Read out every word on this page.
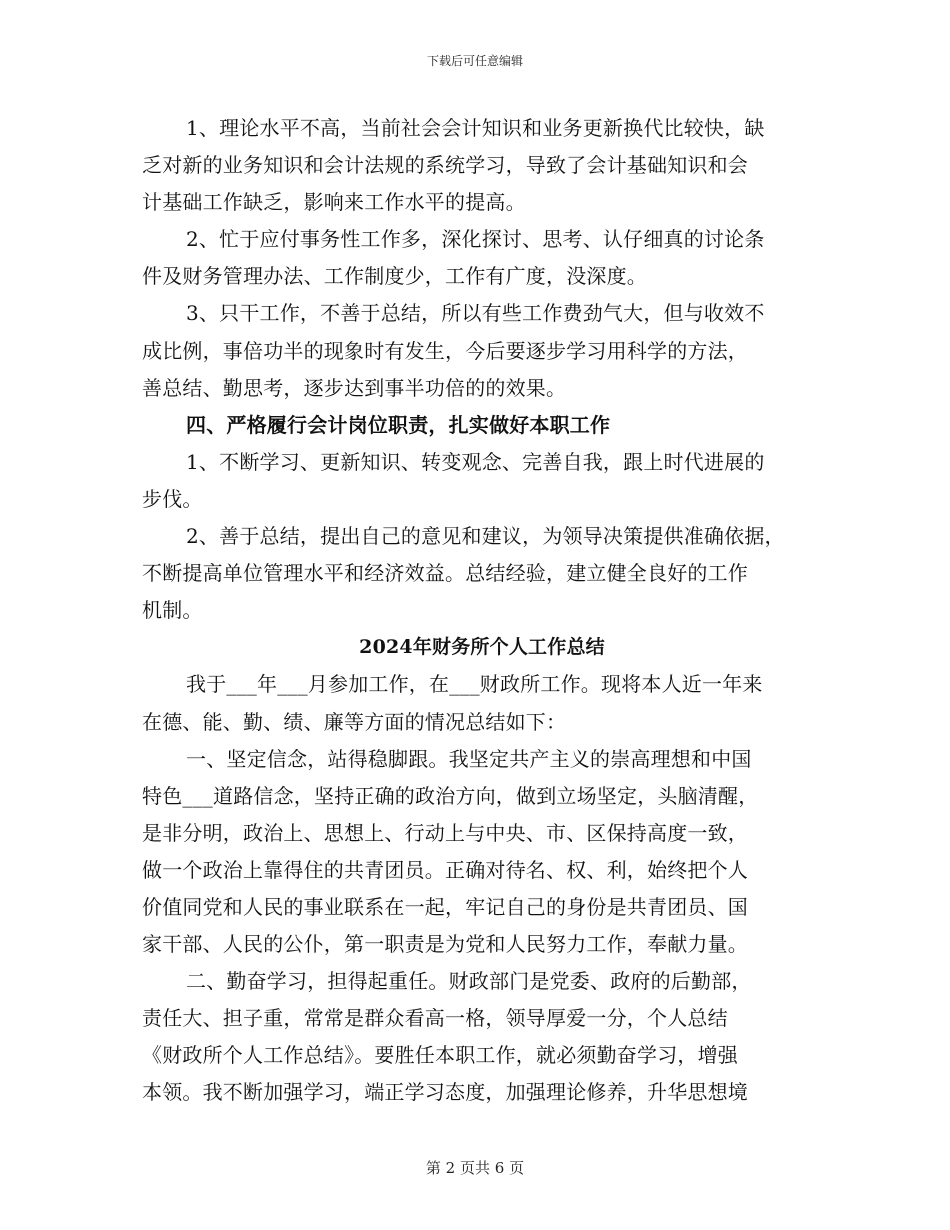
下载后可任意编辑
1、理论水平不高，当前社会会计知识和业务更新换代比较快，缺
乏对新的业务知识和会计法规的系统学习，导致了会计基础知识和会
计基础工作缺乏，影响来工作水平的提高。
2、忙于应付事务性工作多，深化探讨、思考、认仔细真的讨论条
件及财务管理办法、工作制度少，工作有广度，没深度。
3、只干工作，不善于总结，所以有些工作费劲气大，但与收效不
成比例，事倍功半的现象时有发生，今后要逐步学习用科学的方法，
善总结、勤思考，逐步达到事半功倍的的效果。
四、严格履行会计岗位职责，扎实做好本职工作
1、不断学习、更新知识、转变观念、完善自我，跟上时代进展的
步伐。
2、善于总结，提出自己的意见和建议，为领导决策提供准确依据，
不断提高单位管理水平和经济效益。总结经验，建立健全良好的工作
机制。
2024年财务所个人工作总结
我于___年___月参加工作，在___财政所工作。现将本人近一年来
在德、能、勤、绩、廉等方面的情况总结如下：
一、坚定信念，站得稳脚跟。我坚定共产主义的崇高理想和中国
特色___道路信念，坚持正确的政治方向，做到立场坚定，头脑清醒，
是非分明，政治上、思想上、行动上与中央、市、区保持高度一致，
做一个政治上靠得住的共青团员。正确对待名、权、利，始终把个人
价值同党和人民的事业联系在一起，牢记自己的身份是共青团员、国
家干部、人民的公仆，第一职责是为党和人民努力工作，奉献力量。
二、勤奋学习，担得起重任。财政部门是党委、政府的后勤部，
责任大、担子重，常常是群众看高一格，领导厚爱一分，个人总结
《财政所个人工作总结》。要胜任本职工作，就必须勤奋学习，增强
本领。我不断加强学习，端正学习态度，加强理论修养，升华思想境
第 2 页共 6 页
